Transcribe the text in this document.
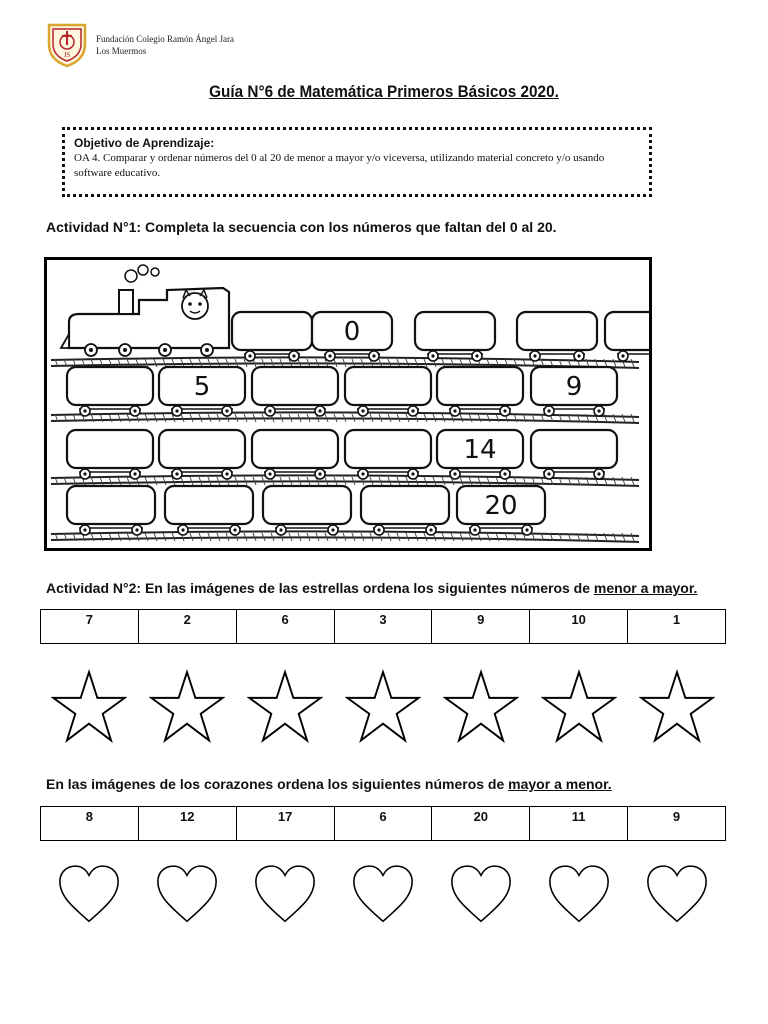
JS
Fundación Colegio Ramón Ángel Jara
Los Muermos
Guía N°6 de Matemática Primeros Básicos 2020.
Objetivo de Aprendizaje:
OA 4. Comparar y ordenar números del 0 al 20 de menor a mayor y/o viceversa, utilizando material concreto y/o usando software educativo.
Actividad N°1: Completa la secuencia con los números que faltan del 0 al 20.
0
5	9
14
20
Actividad N°2: En las imágenes de las estrellas ordena los siguientes números de menor a mayor.
7	2	6	3	9	10	1
En las imágenes de los corazones ordena los siguientes números de mayor a menor.
8	12	17	6	20	11	9
